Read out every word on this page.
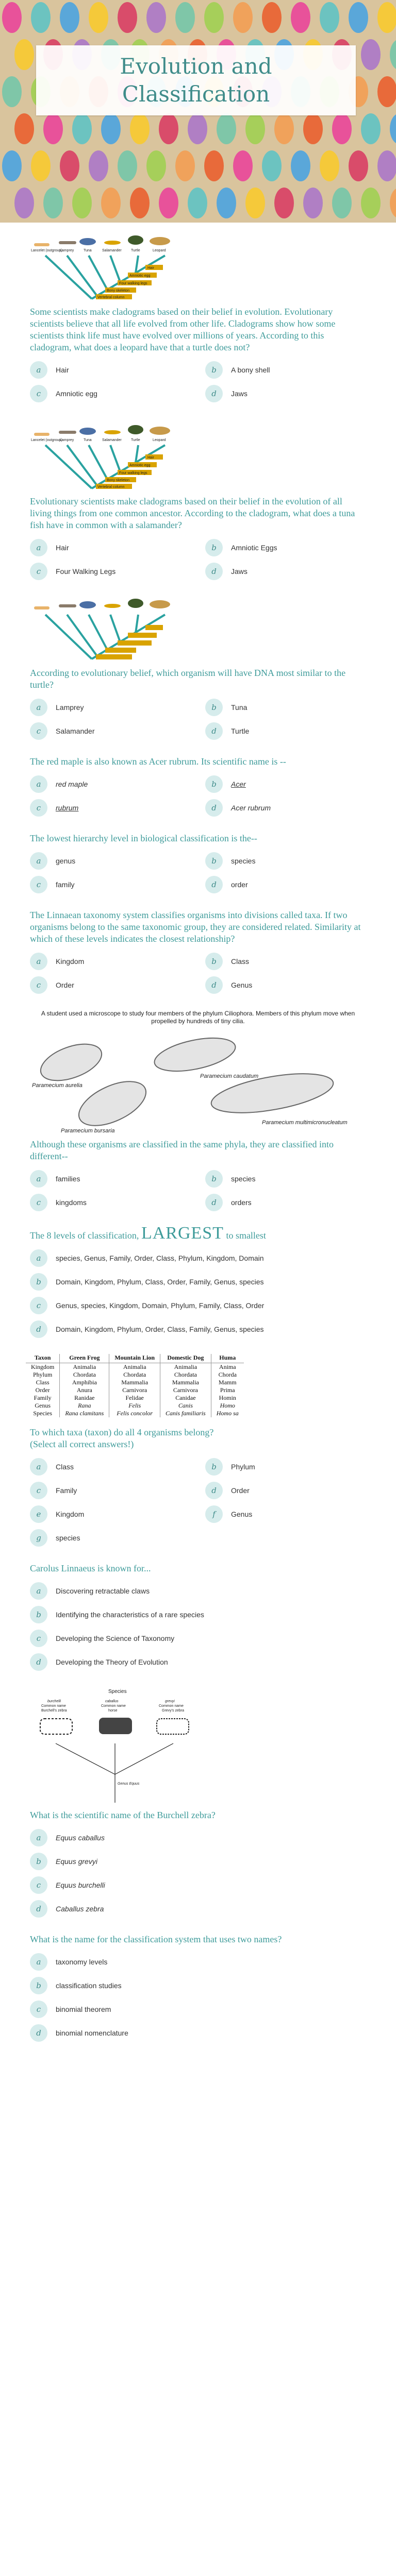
Evolution and
Classification
Lancelet (outgroup)
Lamprey	Tuna	Salamander	Turtle	Leopard
Hair
Amniotic egg
Four walking legs
Bony skeleton
Vertebral column

Some scientists make cladograms based on their belief in evolution. Evolutionary scientists believe that all life evolved from other life. Cladograms show how some scientists think life must have evolved over millions of years. According to this cladogram, what does a leopard have that a turtle does not?

a	Hair	b	A bony shell
c	Amniotic egg	d	Jaws
Lancelet (outgroup)
Lamprey	Tuna	Salamander	Turtle	Leopard
Hair
Amniotic egg
Four walking legs
Bony skeleton
Vertebral column

Evolutionary scientists make cladograms based on their belief in the evolution of all living things from one common ancestor. According to the cladogram, what does a tuna fish have in common with a salamander?

a	Hair	b	Amniotic Eggs
c	Four Walking Legs	d	Jaws

According to evolutionary belief, which organism will have DNA most similar to the turtle?

a	Lamprey	b	Tuna
c	Salamander	d	Turtle

The red maple is also known as Acer rubrum. Its scientific name is --

a	red maple	b	Acer
c	rubrum	d	Acer rubrum

The lowest hierarchy level in biological classification is the--

a	genus	b	species
c	family	d	order

The Linnaean taxonomy system classifies organisms into divisions called taxa. If two organisms belong to the same taxonomic group, they are considered related. Similarity at which of these levels indicates the closest relationship?

a	Kingdom	b	Class
c	Order	d	Genus

A student used a microscope to study four members of the phylum Ciliophora. Members of this phylum move when propelled by hundreds of tiny cilia.

Paramecium aurelia
Paramecium caudatum
Paramecium bursaria
Paramecium multimicronucleatum

Although these organisms are classified in the same phyla, they are classified into different--

a	families	b	species
c	kingdoms	d	orders

The 8 levels of classification, LARGEST to smallest

a	species, Genus, Family, Order, Class, Phylum, Kingdom, Domain
b	Domain, Kingdom, Phylum, Class, Order, Family, Genus, species
c	Genus, species, Kingdom, Domain, Phylum, Family, Class, Order
d	Domain, Kingdom, Phylum, Order, Class, Family, Genus, species
Taxon	Green Frog	Mountain Lion	Domestic Dog	Huma
Kingdom	Animalia	Animalia	Animalia	Anima
Phylum	Chordata	Chordata	Chordata	Chorda
Class	Amphibia	Mammalia	Mammalia	Mamm
Order	Anura	Carnivora	Carnivora	Prima
Family	Ranidae	Felidae	Canidae	Homin
Genus	Rana	Felis	Canis	Homo
Species	Rana clamitans	Felis concolor	Canis familiaris	Homo sa

To which taxa (taxon) do all 4 organisms belong?

(Select all correct answers!)

a	Class	b	Phylum
c	Family	d	Order
e	Kingdom	f	Genus
g	species

Carolus Linnaeus is known for...

a	Discovering retractable claws
b	Identifying the characteristics of a rare species
c	Developing the Science of Taxonomy
d	Developing the Theory of Evolution
Species
burchelli	caballus	grevyi
Common name
Burchell's zebra
Common name
horse
Common name
Grevy's zebra
Genus Equus

What is the scientific name of the Burchell zebra?

a	Equus caballus
b	Equus grevyi
c	Equus burchelli
d	Caballus zebra

What is the name for the classification system that uses two names?

a	taxonomy levels
b	classification studies
c	binomial theorem
d	binomial nomenclature
